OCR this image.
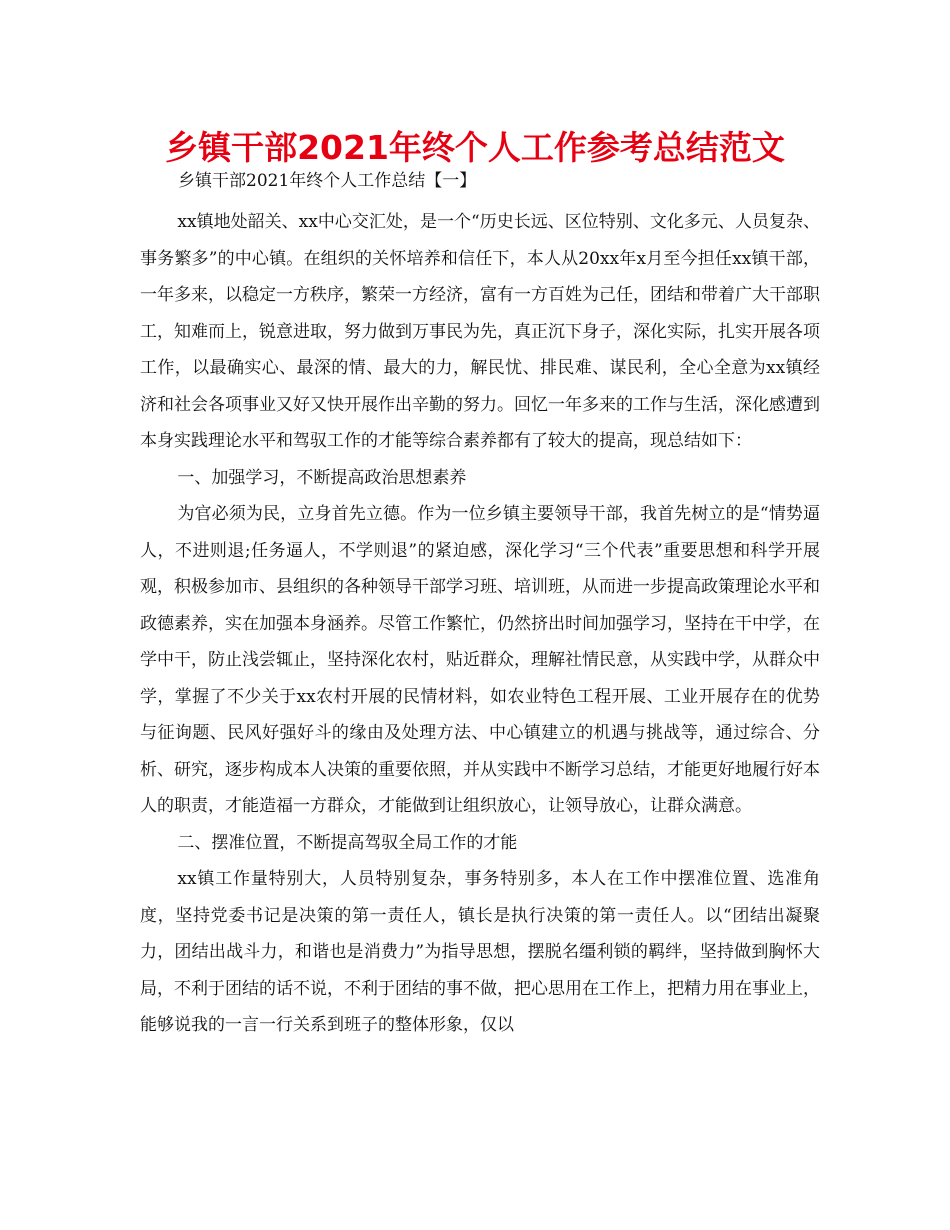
乡镇干部2021年终个人工作参考总结范文
乡镇干部2021年终个人工作总结【一】

xx镇地处韶关、xx中心交汇处，是一个“历史长远、区位特别、文化多元、人员复杂、事务繁多”的中心镇。在组织的关怀培养和信任下，本人从20xx年x月至今担任xx镇干部，一年多来，以稳定一方秩序，繁荣一方经济，富有一方百姓为己任，团结和带着广大干部职工，知难而上，锐意进取，努力做到万事民为先，真正沉下身子，深化实际，扎实开展各项工作，以最确实心、最深的情、最大的力，解民忧、排民难、谋民利，全心全意为xx镇经济和社会各项事业又好又快开展作出辛勤的努力。回忆一年多来的工作与生活，深化感遭到本身实践理论水平和驾驭工作的才能等综合素养都有了较大的提高，现总结如下：

一、加强学习，不断提高政治思想素养

为官必须为民，立身首先立德。作为一位乡镇主要领导干部，我首先树立的是“情势逼人，不进则退;任务逼人，不学则退”的紧迫感，深化学习“三个代表”重要思想和科学开展观，积极参加市、县组织的各种领导干部学习班、培训班，从而进一步提高政策理论水平和政德素养，实在加强本身涵养。尽管工作繁忙，仍然挤出时间加强学习，坚持在干中学，在学中干，防止浅尝辄止，坚持深化农村，贴近群众，理解社情民意，从实践中学，从群众中学，掌握了不少关于xx农村开展的民情材料，如农业特色工程开展、工业开展存在的优势与征询题、民风好强好斗的缘由及处理方法、中心镇建立的机遇与挑战等，通过综合、分析、研究，逐步构成本人决策的重要依照，并从实践中不断学习总结，才能更好地履行好本人的职责，才能造福一方群众，才能做到让组织放心，让领导放心，让群众满意。

二、摆准位置，不断提高驾驭全局工作的才能

xx镇工作量特别大，人员特别复杂，事务特别多，本人在工作中摆准位置、选准角度，坚持党委书记是决策的第一责任人，镇长是执行决策的第一责任人。以“团结出凝聚力，团结出战斗力，和谐也是消费力”为指导思想，摆脱名缰利锁的羁绊，坚持做到胸怀大局，不利于团结的话不说，不利于团结的事不做，把心思用在工作上，把精力用在事业上，能够说我的一言一行关系到班子的整体形象，仅以
